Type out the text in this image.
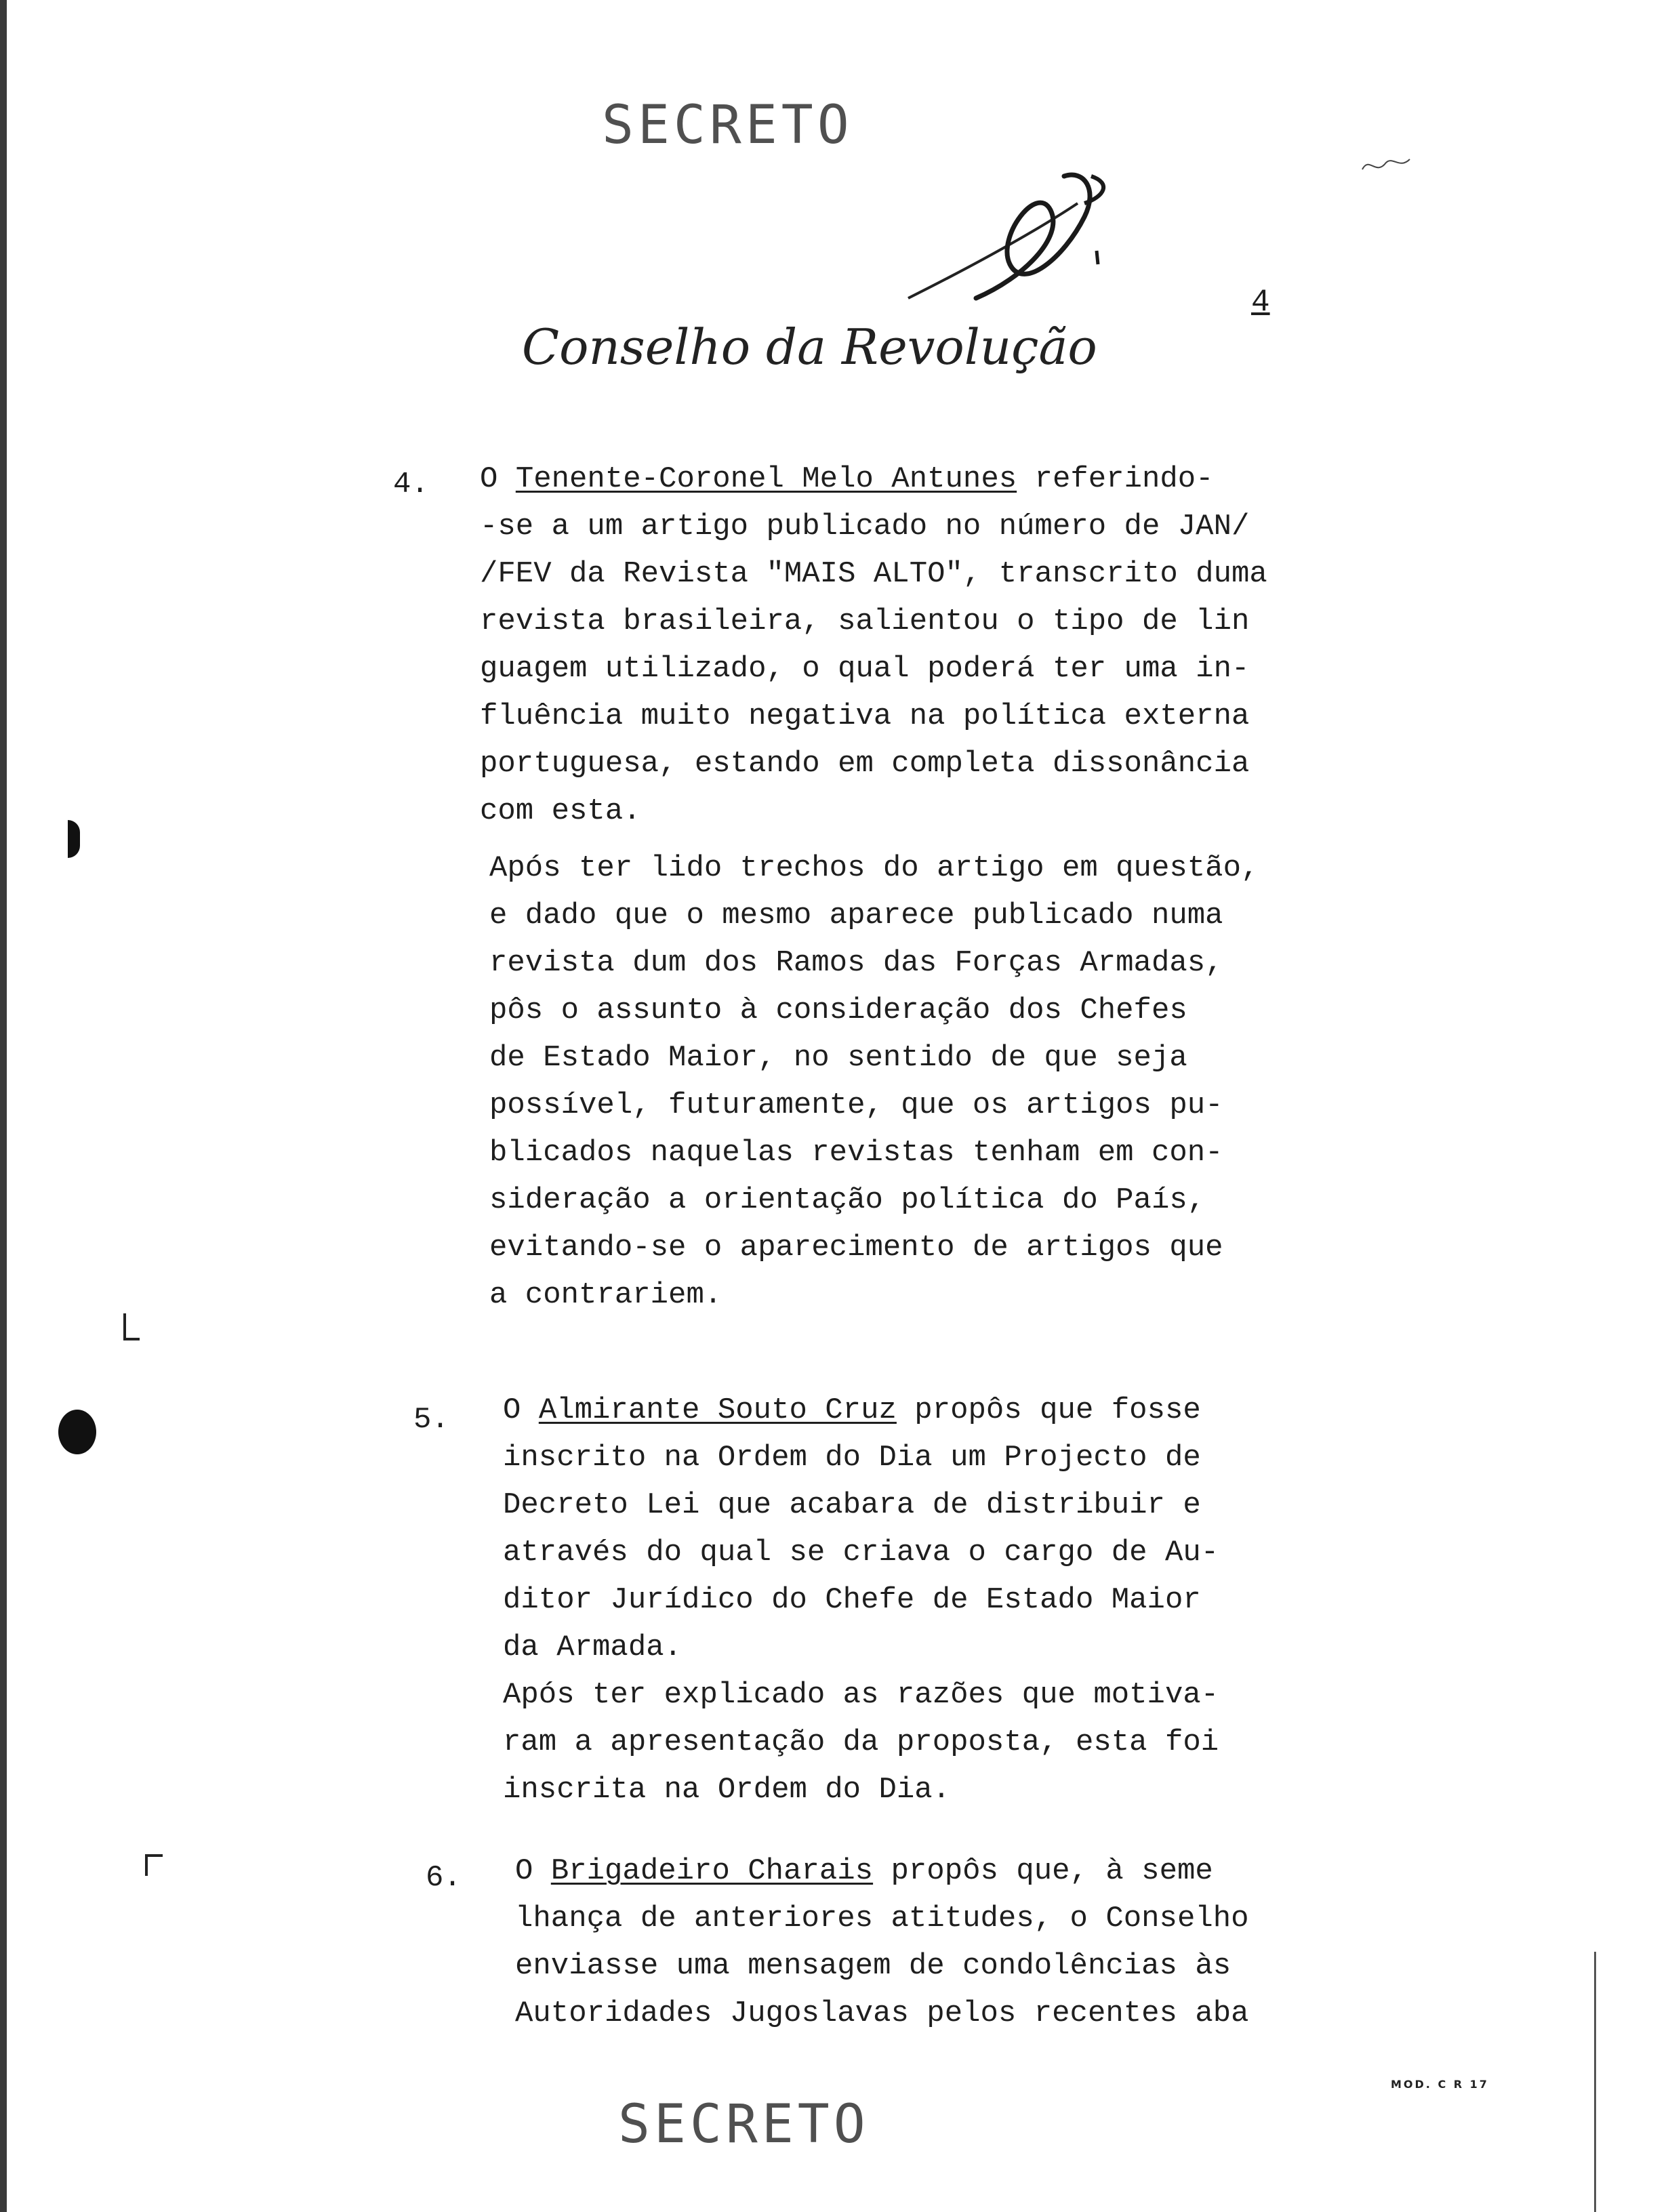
SECRETO
Conselho da Revolução
4
4. O Tenente-Coronel Melo Antunes referindo-

-se a um artigo publicado no número de JAN/

/FEV da Revista "MAIS ALTO", transcrito duma

revista brasileira, salientou o tipo de lin

guagem utilizado, o qual poderá ter uma in-

fluência muito negativa na política externa

portuguesa, estando em completa dissonância

com esta.

Após ter lido trechos do artigo em questão,

e dado que o mesmo aparece publicado numa

revista dum dos Ramos das Forças Armadas,

pôs o assunto à consideração dos Chefes

de Estado Maior, no sentido de que seja

possível, futuramente, que os artigos pu-

blicados naquelas revistas tenham em con-

sideração a orientação política do País,

evitando-se o aparecimento de artigos que

a contrariem.

5. O Almirante Souto Cruz propôs que fosse

inscrito na Ordem do Dia um Projecto de

Decreto Lei que acabara de distribuir e

através do qual se criava o cargo de Au-

ditor Jurídico do Chefe de Estado Maior

da Armada.

Após ter explicado as razões que motiva-

ram a apresentação da proposta, esta foi

inscrita na Ordem do Dia.

6. O Brigadeiro Charais propôs que, à seme

lhança de anteriores atitudes, o Conselho

enviasse uma mensagem de condolências às

Autoridades Jugoslavas pelos recentes aba

MOD. C R 17
SECRETO
